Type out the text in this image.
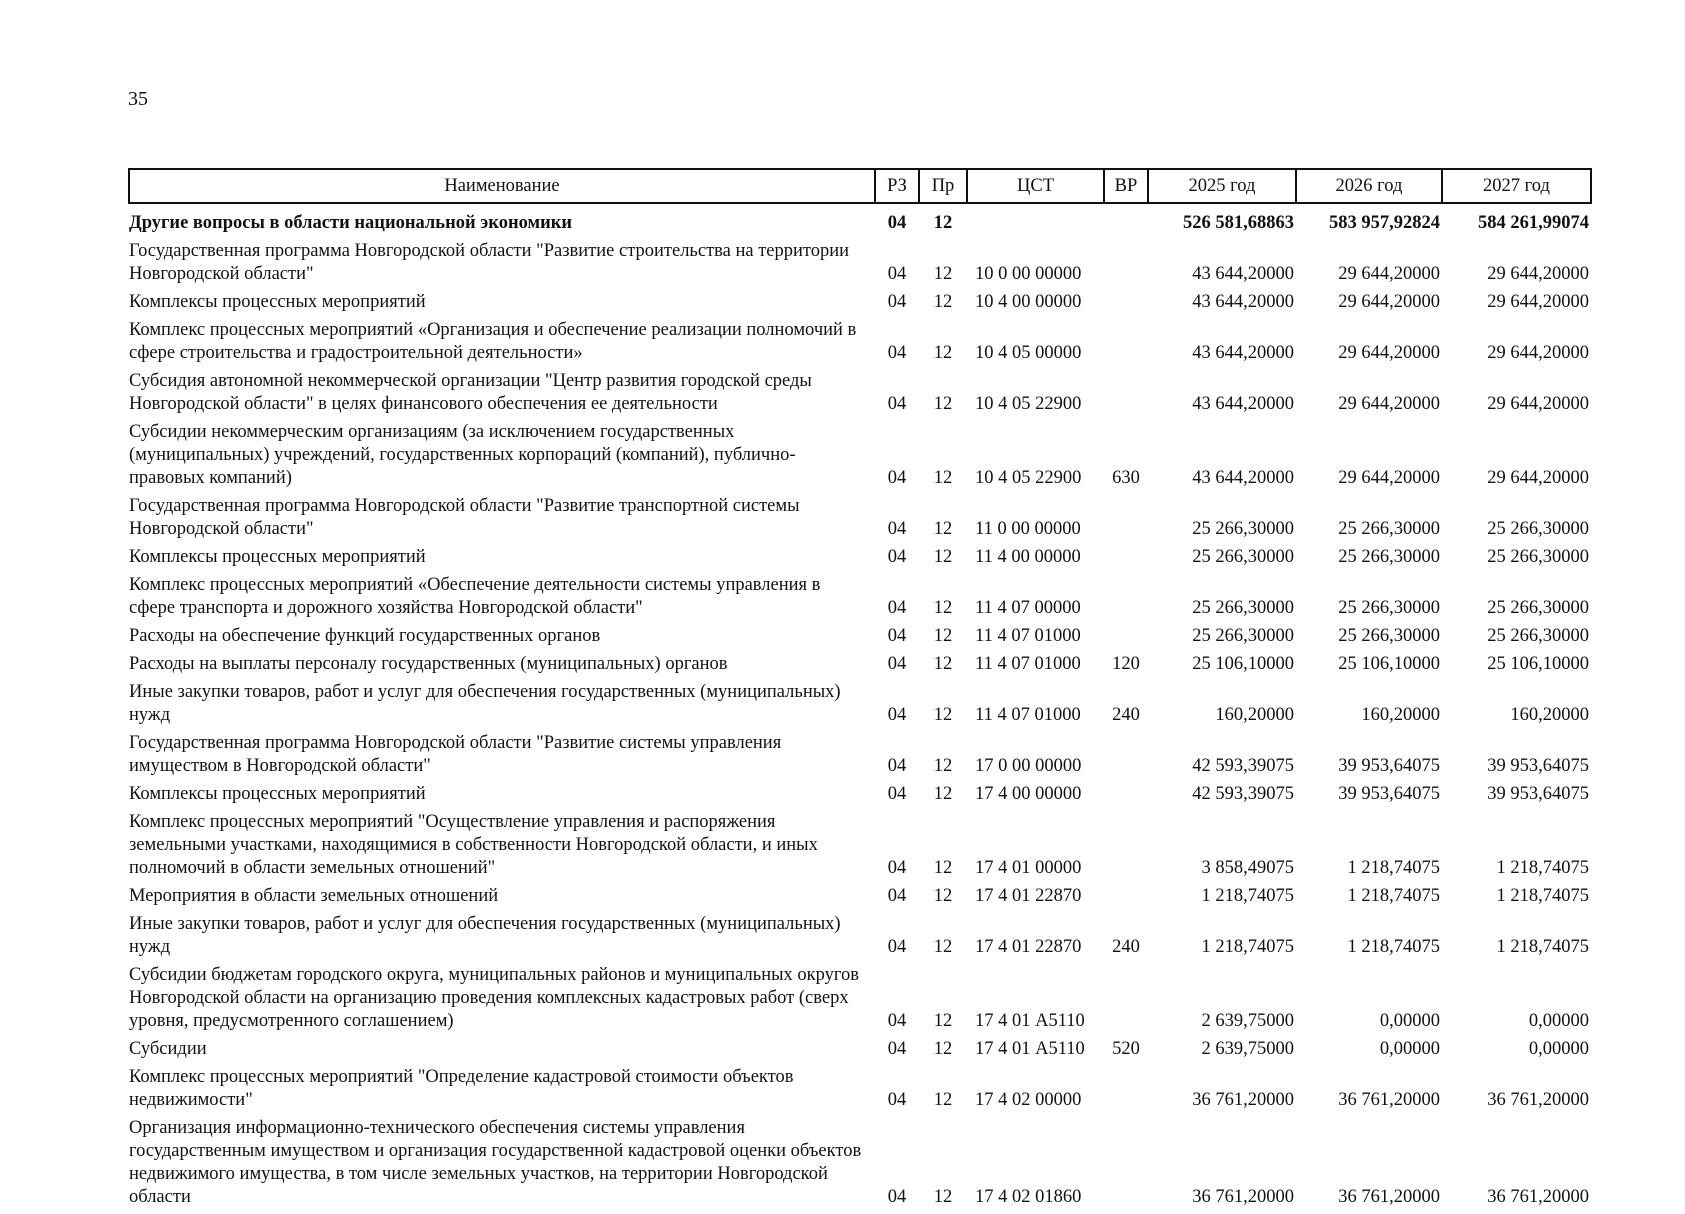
35
Наименование	РЗ	Пр	ЦСТ	ВР	2025 год	2026 год	2027 год
Другие вопросы в области национальной экономики	04	12			526 581,68863	583 957,92824	584 261,99074
Государственная программа Новгородской области "Развитие строительства на территории Новгородской области"	04	12	10 0 00 00000		43 644,20000	29 644,20000	29 644,20000
Комплексы процессных мероприятий	04	12	10 4 00 00000		43 644,20000	29 644,20000	29 644,20000
Комплекс процессных мероприятий «Организация и обеспечение реализации полномочий в сфере строительства и градостроительной деятельности»	04	12	10 4 05 00000		43 644,20000	29 644,20000	29 644,20000
Субсидия автономной некоммерческой организации "Центр развития городской среды Новгородской области" в целях финансового обеспечения ее деятельности	04	12	10 4 05 22900		43 644,20000	29 644,20000	29 644,20000
Субсидии некоммерческим организациям (за исключением государственных (муниципальных) учреждений, государственных корпораций (компаний), публично-правовых компаний)	04	12	10 4 05 22900	630	43 644,20000	29 644,20000	29 644,20000
Государственная программа Новгородской области "Развитие транспортной системы Новгородской области"	04	12	11 0 00 00000		25 266,30000	25 266,30000	25 266,30000
Комплексы процессных мероприятий	04	12	11 4 00 00000		25 266,30000	25 266,30000	25 266,30000
Комплекс процессных мероприятий «Обеспечение деятельности системы управления в сфере транспорта и дорожного хозяйства Новгородской области"	04	12	11 4 07 00000		25 266,30000	25 266,30000	25 266,30000
Расходы на обеспечение функций государственных органов	04	12	11 4 07 01000		25 266,30000	25 266,30000	25 266,30000
Расходы на выплаты персоналу государственных (муниципальных) органов	04	12	11 4 07 01000	120	25 106,10000	25 106,10000	25 106,10000
Иные закупки товаров, работ и услуг для обеспечения государственных (муниципальных) нужд	04	12	11 4 07 01000	240	160,20000	160,20000	160,20000
Государственная программа Новгородской области "Развитие системы управления имуществом в Новгородской области"	04	12	17 0 00 00000		42 593,39075	39 953,64075	39 953,64075
Комплексы процессных мероприятий	04	12	17 4 00 00000		42 593,39075	39 953,64075	39 953,64075
Комплекс процессных мероприятий "Осуществление управления и распоряжения земельными участками, находящимися в собственности Новгородской области, и иных полномочий в области земельных отношений"	04	12	17 4 01 00000		3 858,49075	1 218,74075	1 218,74075
Мероприятия в области земельных отношений	04	12	17 4 01 22870		1 218,74075	1 218,74075	1 218,74075
Иные закупки товаров, работ и услуг для обеспечения государственных (муниципальных) нужд	04	12	17 4 01 22870	240	1 218,74075	1 218,74075	1 218,74075
Субсидии бюджетам городского округа, муниципальных районов и муниципальных округов Новгородской области на организацию проведения комплексных кадастровых работ (сверх уровня, предусмотренного соглашением)	04	12	17 4 01 А5110		2 639,75000	0,00000	0,00000
Субсидии	04	12	17 4 01 А5110	520	2 639,75000	0,00000	0,00000
Комплекс процессных мероприятий "Определение кадастровой стоимости объектов недвижимости"	04	12	17 4 02 00000		36 761,20000	36 761,20000	36 761,20000
Организация информационно-технического обеспечения системы управления государственным имуществом и организация государственной кадастровой оценки объектов недвижимого имущества, в том числе земельных участков, на территории Новгородской области	04	12	17 4 02 01860		36 761,20000	36 761,20000	36 761,20000
